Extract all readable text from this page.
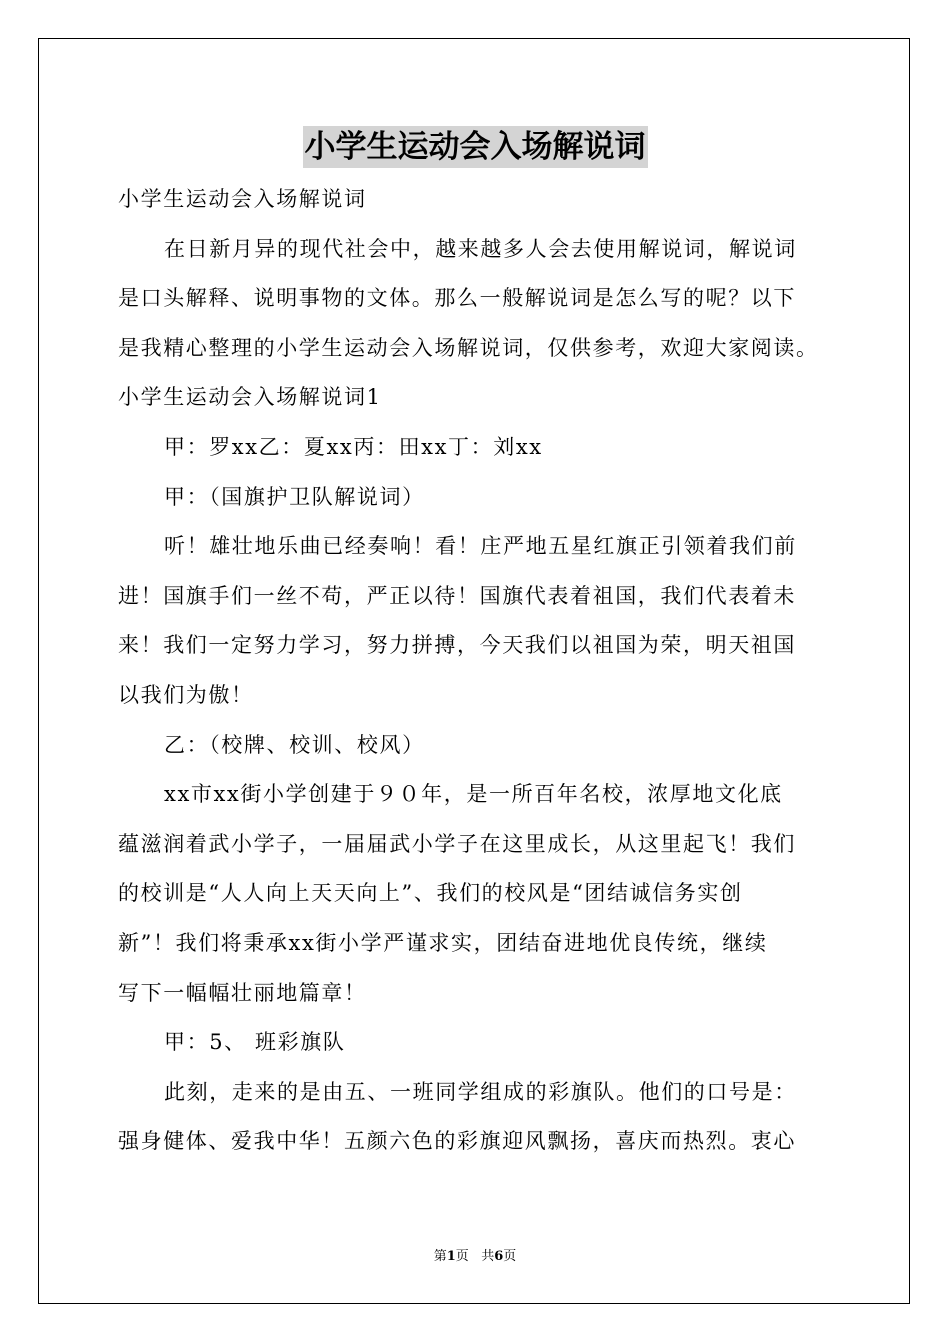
小学生运动会入场解说词
小学生运动会入场解说词
在日新月异的现代社会中，越来越多人会去使用解说词，解说词
是口头解释、说明事物的文体。那么一般解说词是怎么写的呢？以下
是我精心整理的小学生运动会入场解说词，仅供参考，欢迎大家阅读。
小学生运动会入场解说词1
甲：罗xx乙：夏xx丙：田xx丁：刘xx
甲：（国旗护卫队解说词）
听！雄壮地乐曲已经奏响！看！庄严地五星红旗正引领着我们前
进！国旗手们一丝不苟，严正以待！国旗代表着祖国，我们代表着未
来！我们一定努力学习，努力拼搏，今天我们以祖国为荣，明天祖国
以我们为傲！
乙：（校牌、校训、校风）
xx市xx街小学创建于９０年，是一所百年名校，浓厚地文化底
蕴滋润着武小学子，一届届武小学子在这里成长，从这里起飞！我们
的校训是“人人向上天天向上”、我们的校风是“团结诚信务实创
新”！我们将秉承xx街小学严谨求实，团结奋进地优良传统，继续
写下一幅幅壮丽地篇章！
甲：5、 班彩旗队
此刻，走来的是由五、一班同学组成的彩旗队。他们的口号是：
强身健体、爱我中华！五颜六色的彩旗迎风飘扬，喜庆而热烈。衷心
第1页 共6页
